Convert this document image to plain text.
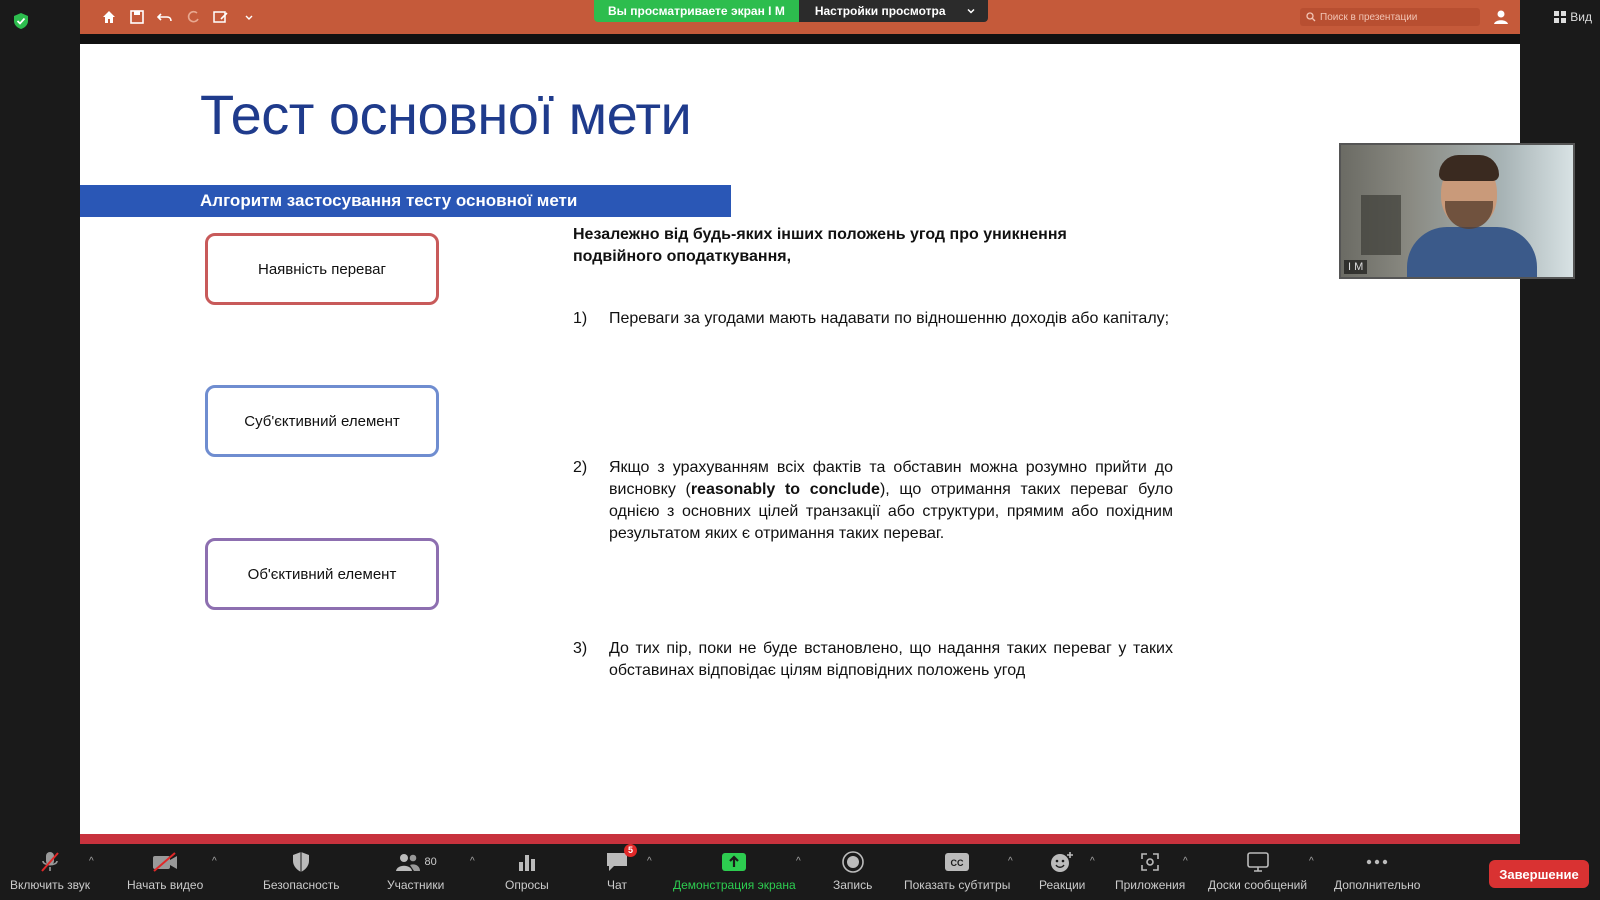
Поиск в презентации
Вы просматриваете экран I M	Настройки просмотра	Вид
Тест основної мети
Алгоритм застосування тесту основної мети
Наявність переваг
Суб'єктивний елемент
Об'єктивний елемент
Незалежно від будь-яких інших положень угод про уникнення подвійного оподаткування,
1)	Переваги за угодами мають надавати по відношенню доходів або капіталу;
2)	Якщо з урахуванням всіх фактів та обставин можна розумно прийти до висновку (reasonably to conclude), що отримання таких переваг було однією з основних цілей транзакції або структури, прямим або похідним результатом яких є отримання таких переваг.
3)	До тих пір, поки не буде встановлено, що надання таких переваг у таких обставинах відповідає цілям відповідних положень угод
I M
Включить звук
^
Начать видео
^
Безопасность
80
Участники
^
Опросы
5
Чат
^
Демонстрация экрана
^
Запись
CC
Показать субтитры
^
Реакции
^
Приложения
^
Доски сообщений
^
Дополнительно
Завершение
